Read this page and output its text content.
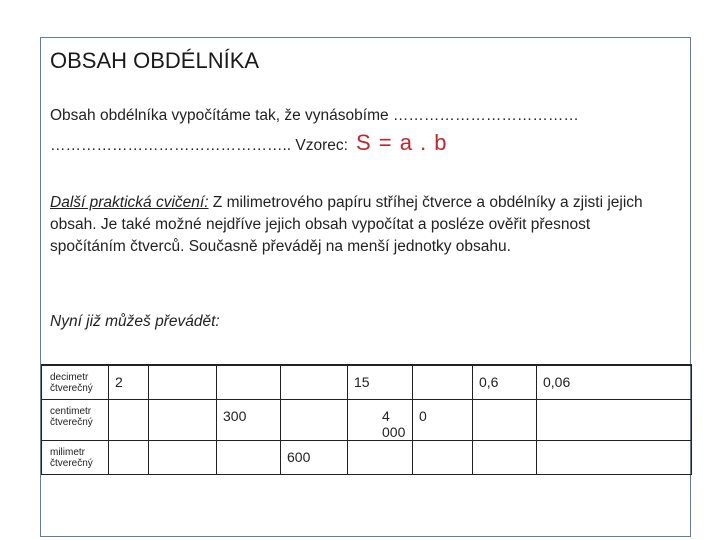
OBSAH OBDÉLNÍKA
Obsah obdélníka vypočítáme tak, že vynásobíme ………………………………
……………………………………….. Vzorec: S = a . b
Další praktická cvičení: Z milimetrového papíru stříhej čtverce a obdélníky a zjisti jejich obsah. Je také možné nejdříve jejich obsah vypočítat a posléze ověřit přesnost spočítáním čtverců. Současně převáděj na menší jednotky obsahu.
Nyní již můžeš převádět:
decimetr čtverečný	2				15		0,6	0,06
centimetr čtverečný			300		4 000	0		
milimetr čtverečný				600				
